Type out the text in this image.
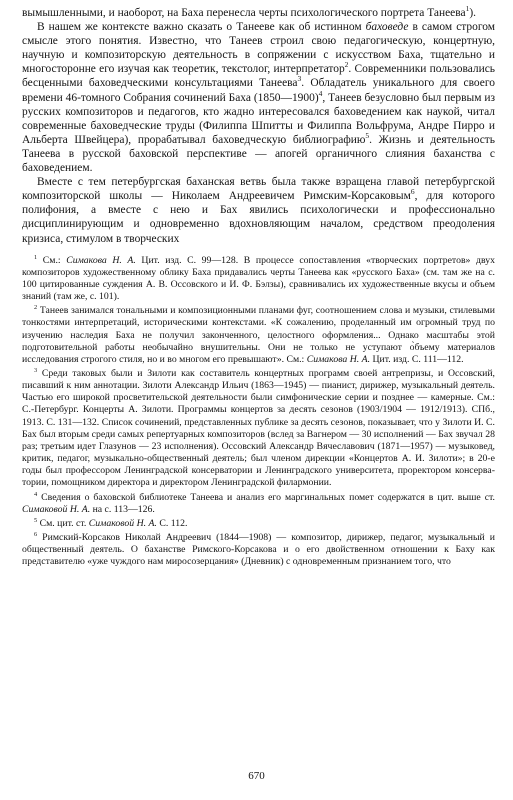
вымышленными, и наоборот, на Баха перенесла черты психологического портрета Танеева$^1$).

В нашем же контексте важно сказать о Танееве как об истинном баховеде в самом строгом смысле этого понятия. Известно, что Танеев строил свою педагогическую, концертную, научную и композиторскую деятельность в сопряжении с искусством Баха, тщательно и многосторонне его изучая как теоретик, текстолог, интерпретатор$^2$. Современники пользовались бесценными баховедческими консультациями Танеева$^3$. Обладатель уникального для своего времени 46-томного Собрания сочинений Баха (1850—1900)$^4$, Танеев безусловно был первым из русских композиторов и педагогов, кто жадно интересовался баховедением как наукой, читал современные баховедческие труды (Филиппа Шпитты и Филиппа Вольфрума, Андре Пирро и Альберта Швейцера), прорабатывал баховедческую библиографию$^5$. Жизнь и деятельность Танеева в русской баховской перспективе — апогей органичного слияния баханства с баховедением.

Вместе с тем петербургская баханская ветвь была также взращена главой петербургской композиторской школы — Николаем Андреевичем Римским-Корсаковым$^6$, для которого полифония, а вместе с нею и Бах явились психологически и профессионально дисциплинирующим и одновременно вдохновляющим началом, средством преодоления кризиса, стимулом в творческих

$^1$ См.: Симакова Н. А. Цит. изд. С. 99—128. В процессе сопоставления «творческих портретов» двух композиторов художественному облику Баха придавались черты Танеева как «русского Баха» (см. там же на с. 100 цитированные суждения А. В. Оссовского и И. Ф. Бэлзы), сравнивались их художественные вкусы и объем знаний (там же, с. 101).

$^2$ Танеев занимался тональными и композиционными планами фуг, соотношением слова и музыки, стилевыми тонкостями интерпретаций, историческими контекстами. «К сожалению, проделанный им огромный труд по изучению наследия Баха не получил законченного, целостного оформления... Однако масштабы этой подготовительной работы необычайно внушительны. Они не только не уступают о̀бъему материалов исследования строгого стиля, но и во многом его превышают». См.: Симакова Н. А. Цит. изд. С. 111—112.

$^3$ Среди таковых были и Зилоти как составитель концертных программ своей антрепризы, и Оссовский, писавший к ним аннотации. Зилоти Александр Ильич (1863—1945) — пианист, дирижер, музыкальный деятель. Частью его широкой просветительской деятельности были симфонические серии и позднее — камерные. См.: С.-Петербург. Концерты А. Зилоти. Программы концертов за десять сезонов (1903/1904 — 1912/1913). СПб., 1913. С. 131—132. Список сочинений, представленных публике за десять сезонов, показывает, что у Зилоти И. С. Бах был вторым среди самых репертуарных композиторов (вслед за Вагнером — 30 исполнений — Бах звучал 28 раз; третьим идет Глазунов — 23 исполнения). Оссовский Александр Вячеславович (1871—1957) — музыковед, критик, педагог, музыкально-общественный деятель; был членом дирекции «Концертов А. И. Зилоти»; в 20-е годы был профессором Ленинградской консерватории и Ленинградского университета, проректором консерватории, помощником директора и директором Ленинградской филармонии.

$^4$ Сведения о баховской библиотеке Танеева и анализ его маргинальных помет содержатся в цит. выше ст. Симаковой Н. А. на с. 113—126.

$^5$ См. цит. ст. Симаковой Н. А. С. 112.

$^6$ Римский-Корсаков Николай Андреевич (1844—1908) — композитор, дирижер, педагог, музыкальный и общественный деятель. О баханстве Римского-Корсакова и о его двойственном отношении к Баху как представителю «уже чуждого нам миросозерцания» (Дневник) с одновременным признанием того, что

670
